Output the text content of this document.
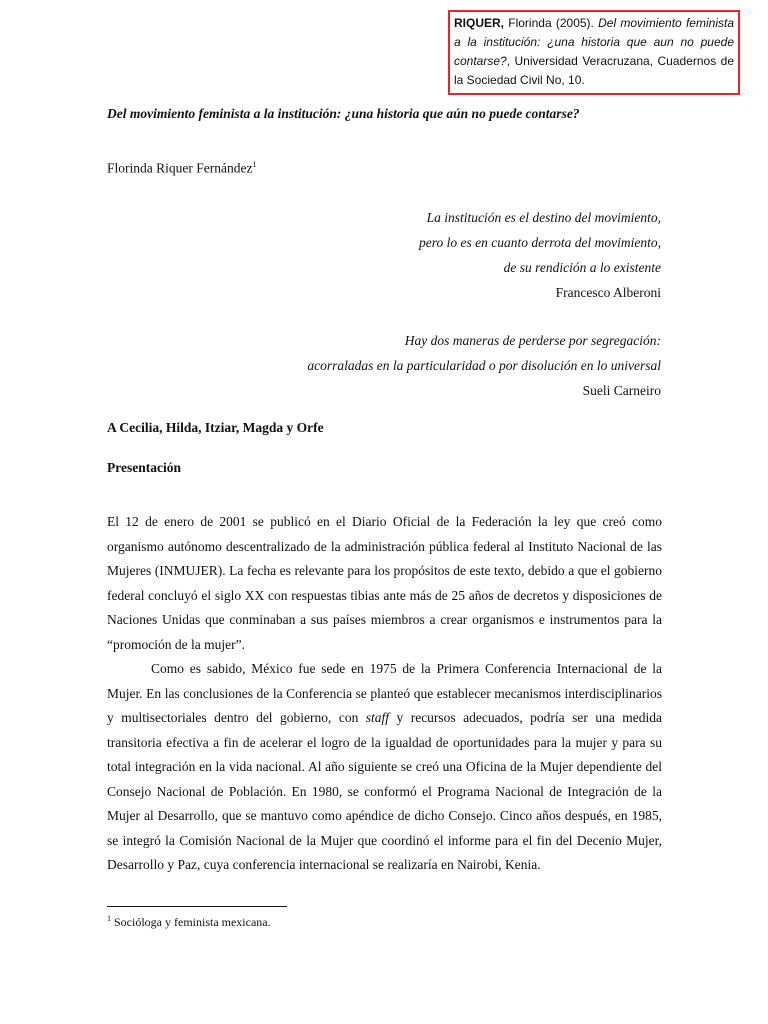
RIQUER, Florinda (2005). Del movimiento feminista a la institución: ¿una historia que aun no puede contarse?, Universidad Veracruzana, Cuadernos de la Sociedad Civil No, 10.
Del movimiento feminista a la institución: ¿una historia que aún no puede contarse?
Florinda Riquer Fernández$^1$
La institución es el destino del movimiento,
pero lo es en cuanto derrota del movimiento,
de su rendición a lo existente
Francesco Alberoni
Hay dos maneras de perderse por segregación:
acorraladas en la particularidad o por disolución en lo universal
Sueli Carneiro
A Cecilia, Hilda, Itziar, Magda y Orfe
Presentación

El 12 de enero de 2001 se publicó en el Diario Oficial de la Federación la ley que creó como organismo autónomo descentralizado de la administración pública federal al Instituto Nacional de las Mujeres (INMUJER). La fecha es relevante para los propósitos de este texto, debido a que el gobierno federal concluyó el siglo XX con respuestas tibias ante más de 25 años de decretos y disposiciones de Naciones Unidas que conminaban a sus países miembros a crear organismos e instrumentos para la “promoción de la mujer”.

Como es sabido, México fue sede en 1975 de la Primera Conferencia Internacional de la Mujer. En las conclusiones de la Conferencia se planteó que establecer mecanismos interdisciplinarios y multisectoriales dentro del gobierno, con staff y recursos adecuados, podría ser una medida transitoria efectiva a fin de acelerar el logro de la igualdad de oportunidades para la mujer y para su total integración en la vida nacional. Al año siguiente se creó una Oficina de la Mujer dependiente del Consejo Nacional de Población. En 1980, se conformó el Programa Nacional de Integración de la Mujer al Desarrollo, que se mantuvo como apéndice de dicho Consejo. Cinco años después, en 1985, se integró la Comisión Nacional de la Mujer que coordinó el informe para el fin del Decenio Mujer, Desarrollo y Paz, cuya conferencia internacional se realizaría en Nairobi, Kenia.

$^1$ Socióloga y feminista mexicana.
